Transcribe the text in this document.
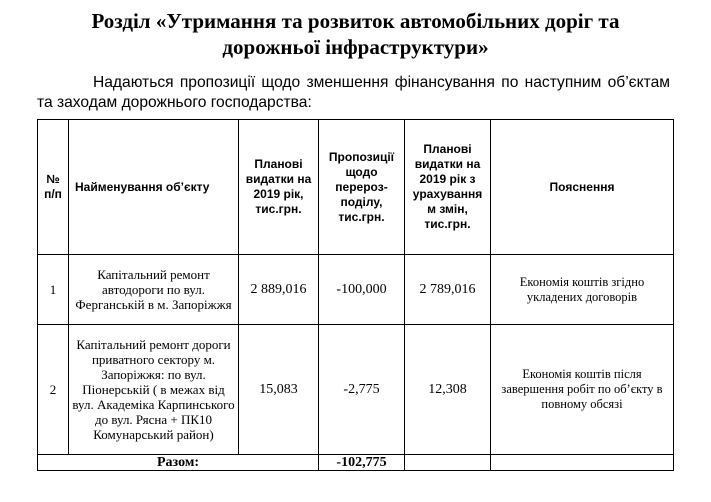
Розділ «Утримання та розвиток автомобільних доріг та
дорожньої інфраструктури»

Надаються пропозиції щодо зменшення фінансування по наступним об’єктам та заходам дорожнього господарства:

№ п/п	Найменування об’єкту	Планові видатки на 2019 рік, тис.грн.	Пропозиції щодо перероз-поділу, тис.грн.	Планові видатки на 2019 рік з урахування м змін, тис.грн.	Пояснення
1	Капітальний ремонт автодороги по вул. Ферганській в м. Запоріжжя	2 889,016	-100,000	2 789,016	Економія коштів згідно укладених договорів
2	Капітальний ремонт дороги приватного сектору м. Запоріжжя: по вул. Піонерській ( в межах від вул. Академіка Карпинського до вул. Рясна + ПК10 Комунарський район)	15,083	-2,775	12,308	Економія коштів після завершення робіт по об’єкту в повному обсязі
Разом:			-102,775		
